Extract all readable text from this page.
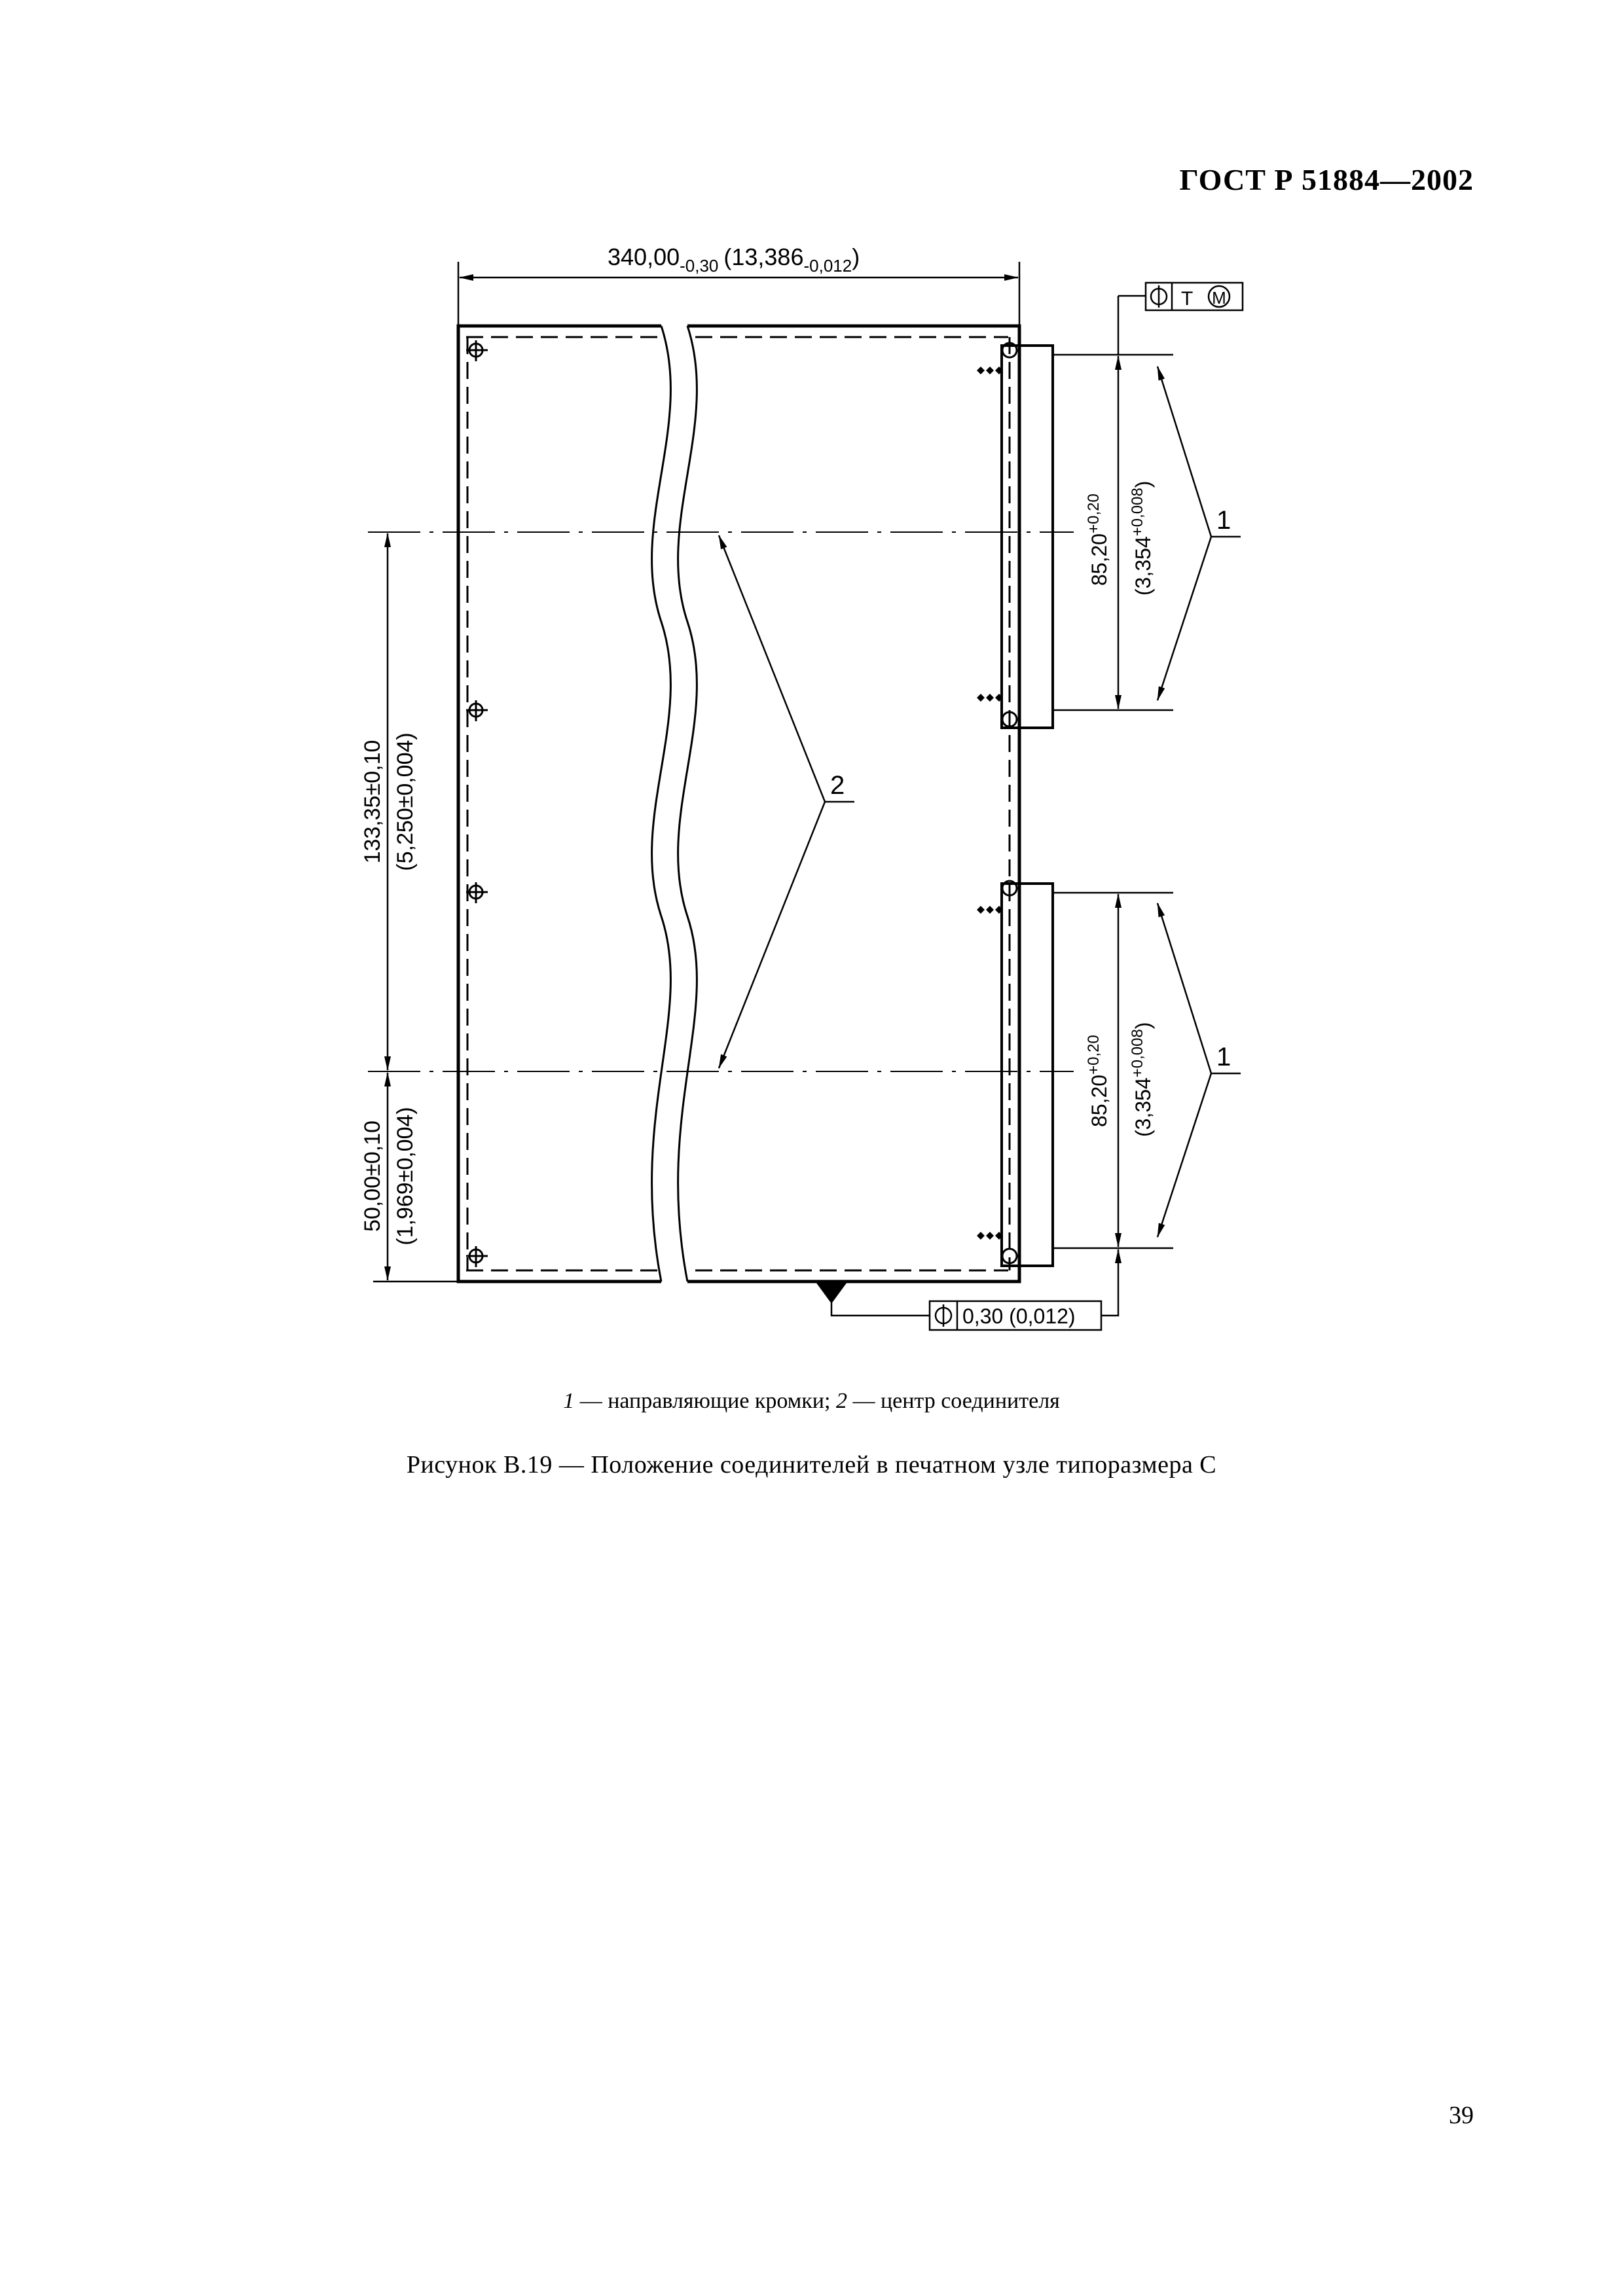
ГОСТ Р 51884—2002
$340,00_{-0,30}$ $(13,386_{-0,012})$
133,35±0,10 (5,250±0,004)
50,00±0,10 (1,969±0,004)
$85,20^{+0,20}$
$(3,354^{+0,008})$
$85,20^{+0,20}$
$(3,354^{+0,008})$
T M
0,30 (0,012)
1
1
2
1 — направляющие кромки; 2 — центр соединителя
Рисунок В.19 — Положение соединителей в печатном узле типоразмера С
39
